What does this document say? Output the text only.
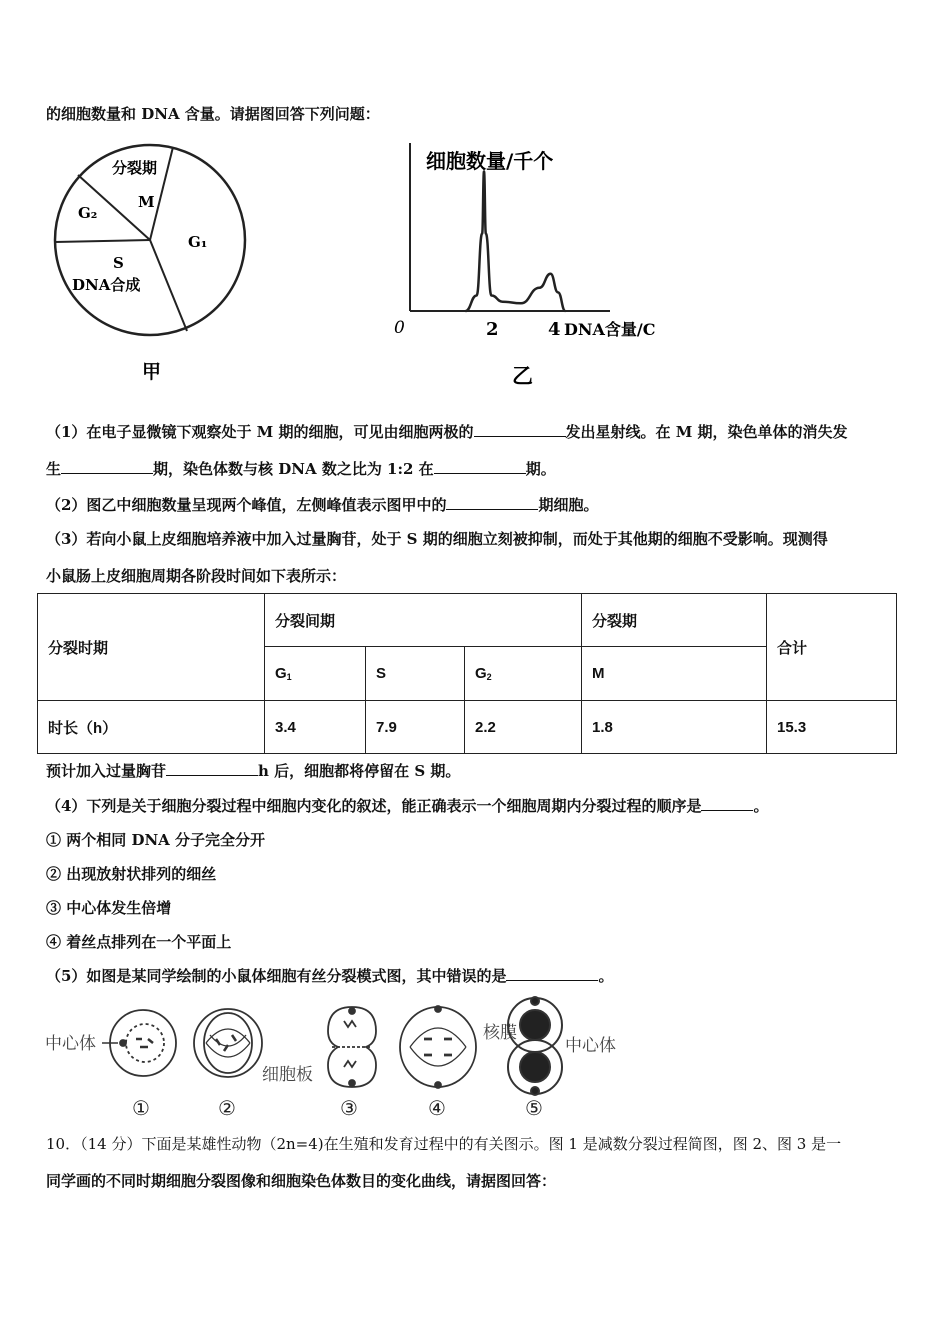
的细胞数量和 DNA 含量。请据图回答下列问题：
分裂期
M
G₂
G₁
S
DNA合成
甲
细胞数量/千个
0	2	4 DNA含量/C
乙
（1）在电子显微镜下观察处于 M 期的细胞，可见由细胞两极的	发出星射线。在 M 期，染色单体的消失发
生	期，染色体数与核 DNA 数之比为 1:2 在	期。
（2）图乙中细胞数量呈现两个峰值，左侧峰值表示图甲中的	期细胞。
（3）若向小鼠上皮细胞培养液中加入过量胸苷，处于 S 期的细胞立刻被抑制，而处于其他期的细胞不受影响。现测得
小鼠肠上皮细胞周期各阶段时间如下表所示：
分裂时期	分裂间期			分裂期	合计
	$G_1$	S	$G_2$	M	
时长（h）	3.4	7.9	2.2	1.8	15.3
预计加入过量胸苷	h 后，细胞都将停留在 S 期。
（4）下列是关于细胞分裂过程中细胞内变化的叙述，能正确表示一个细胞周期内分裂过程的顺序是	。
① 两个相同 DNA 分子完全分开
② 出现放射状排列的细丝
③ 中心体发生倍增
④ 着丝点排列在一个平面上
（5）如图是某同学绘制的小鼠体细胞有丝分裂模式图，其中错误的是	。
中心体
细胞板
核膜
中心体
①	②	③	④	⑤
10．（14 分）下面是某雄性动物（2n=4)在生殖和发育过程中的有关图示。图 1 是减数分裂过程简图，图 2、图 3 是一
同学画的不同时期细胞分裂图像和细胞染色体数目的变化曲线，请据图回答：
